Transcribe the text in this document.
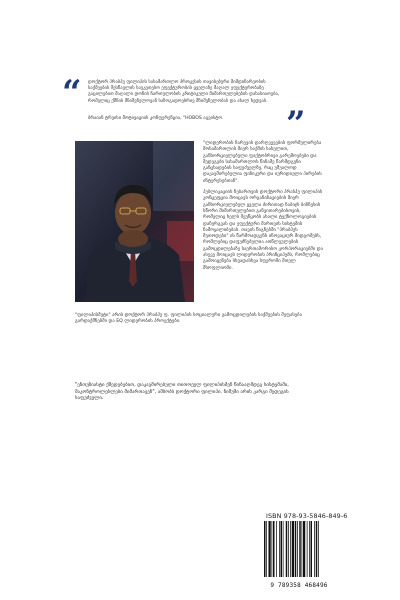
“ დოქტორ პრაბჰუ ფილიპის სასამართლო პროცესის თავისებური მიმდინარეობის საქმეების შესწავლის საუკეთესო ეფექტურობის ყველაზე მაღალ ეფექტურობაზე გაცილებით მაღალი დონის ჩართულობის კრიტიკული მიმართულებების დახასიათება, რომელიც ქმნის მნიშვნელოვან საზოგადოებრივ მნიშვნელობას და ახალ ხედვას.
”
ბრაიან ტრეისი მოტივაციის კონფერენცია, "HOBOS აგვისტო.

"ლიდერობის ჩარევის დარღვევების ფორმულირება მოსამართლის მიერ საქმის სახელით, განხორციელებული ფაქტობრივი გარემოებები და შედეგები სასამართლოს წინაშე წარმდგენი განცხადების საფუძველზე, რაც უშუალოდ დაკავშირებულია ფიზიკური და იურიდიული პირების ინტერესებთან".

პუბლიკაციის ნებართვის დოქტორი პრაბჰუ ფილიპის კონცეფცია მოიცავს ორგანიზაციების მიერ განხორციელებულ ყველა ძირითად ნაბიჯს ბიზნესის სწორი მიმართულებით განვითარებისთვის, რომელიც ხელს შეუწყობს ახალი ტექნოლოგიების დანერგვას და ეფექტური მართვის სისტემის ჩამოყალიბებას. თავის წიგნებში "პრაბჰუს მეთოდები" ის წარმოადგენს ინოვაციურ მიდგომებს, რომლებიც დაფუძნებულია ათწლეულების გამოცდილებაზე საერთაშორისო კორპორაციებში და ასევე მოიცავს ლიდერობის პრინციპებს, რომლებიც გამოიყენება სხვადასხვა სფეროში მთელ მსოფლიოში.

"ფილიპისმეტი" არის დოქტორ პრაბჰუ ფ. ფილიპის სოციალური გამოცდილების საქმეების შეფასება გარდაქმნებში და EQ ლიდერობის პროექტები.
"ენთუზიასტი ქმედებებით, დაკავშირებული თითოეულ ფილიპისმენ წინააღმდეგ სისტემაში, მაკონტროლებლები მიმართავენ", ამბობს დოქტორი ფილიპი. ნიმუში არის კარგი შედეგის საფუძველი.
ISBN 978-93-5846-849-6
9 789358 468496
